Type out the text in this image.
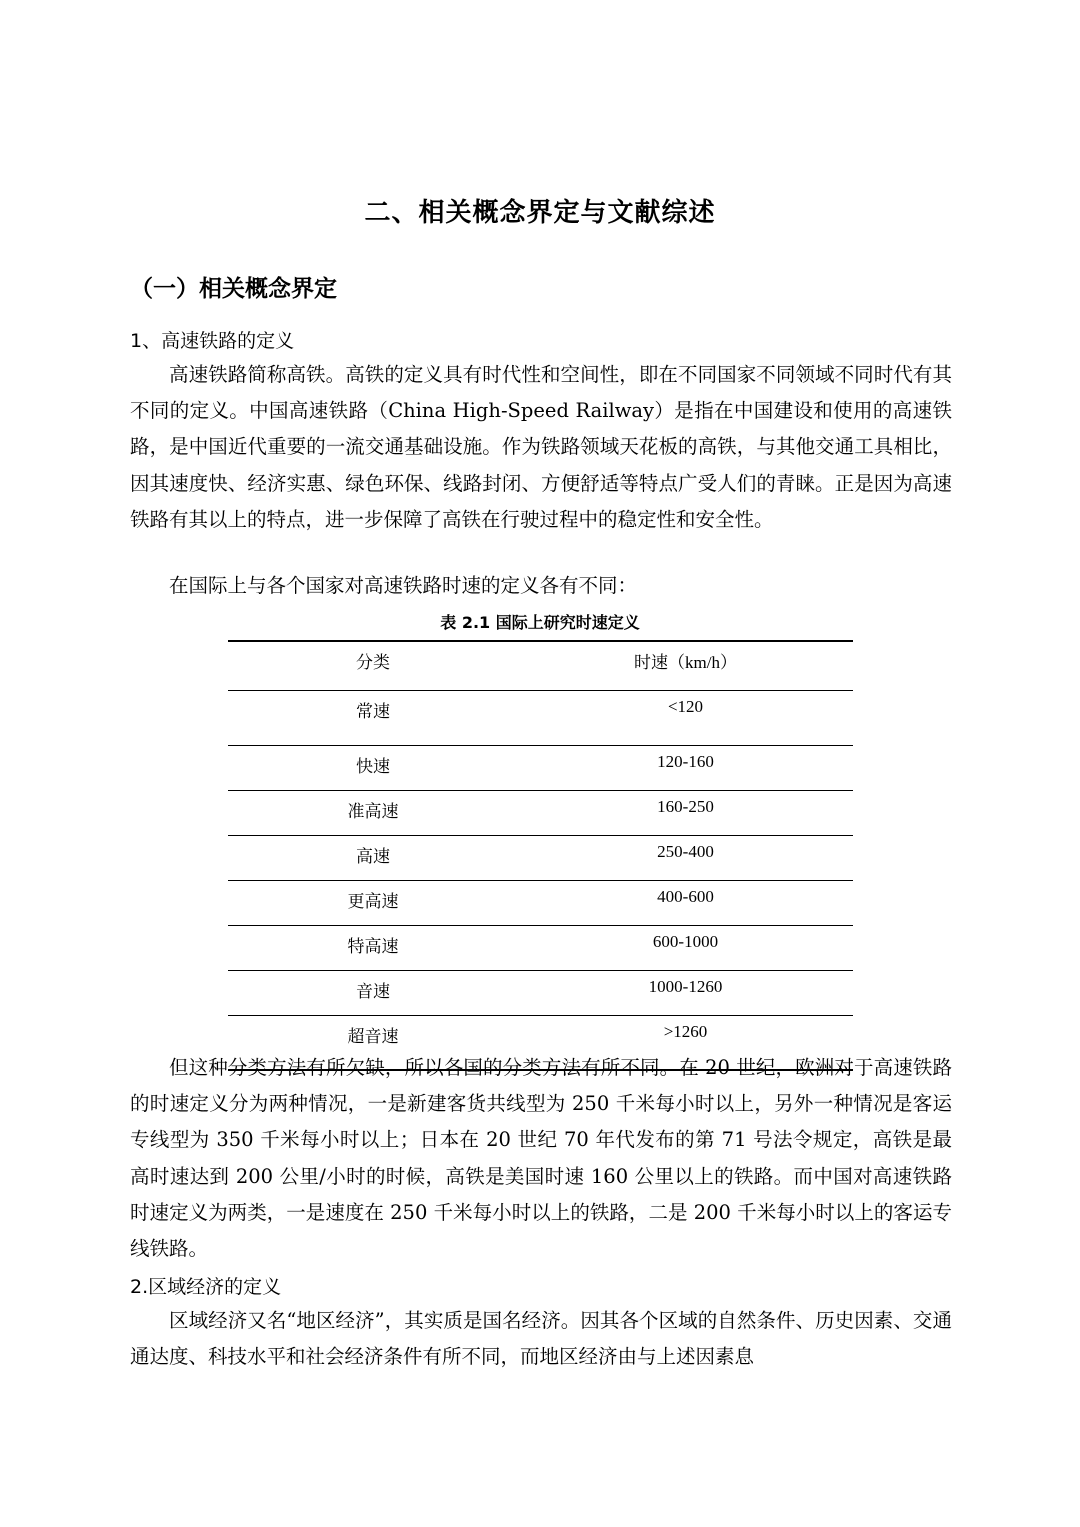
二、相关概念界定与文献综述
（一）相关概念界定
1、高速铁路的定义

高速铁路简称高铁。高铁的定义具有时代性和空间性，即在不同国家不同领域不同时代有其不同的定义。中国高速铁路（China High-Speed Railway）是指在中国建设和使用的高速铁路，是中国近代重要的一流交通基础设施。作为铁路领域天花板的高铁，与其他交通工具相比，因其速度快、经济实惠、绿色环保、线路封闭、方便舒适等特点广受人们的青睐。正是因为高速铁路有其以上的特点，进一步保障了高铁在行驶过程中的稳定性和安全性。

在国际上与各个国家对高速铁路时速的定义各有不同：

表 2.1 国际上研究时速定义
分类	时速（km/h）
常速	<120
快速	120-160
准高速	160-250
高速	250-400
更高速	400-600
特高速	600-1000
音速	1000-1260
超音速	>1260

但这种分类方法有所欠缺，所以各国的分类方法有所不同。在 20 世纪，欧洲对于高速铁路的时速定义分为两种情况，一是新建客货共线型为 250 千米每小时以上，另外一种情况是客运专线型为 350 千米每小时以上；日本在 20 世纪 70 年代发布的第 71 号法令规定，高铁是最高时速达到 200 公里/小时的时候，高铁是美国时速 160 公里以上的铁路。而中国对高速铁路时速定义为两类，一是速度在 250 千米每小时以上的铁路，二是 200 千米每小时以上的客运专线铁路。

2.区域经济的定义

区域经济又名“地区经济”，其实质是国名经济。因其各个区域的自然条件、历史因素、交通通达度、科技水平和社会经济条件有所不同，而地区经济由与上述因素息
